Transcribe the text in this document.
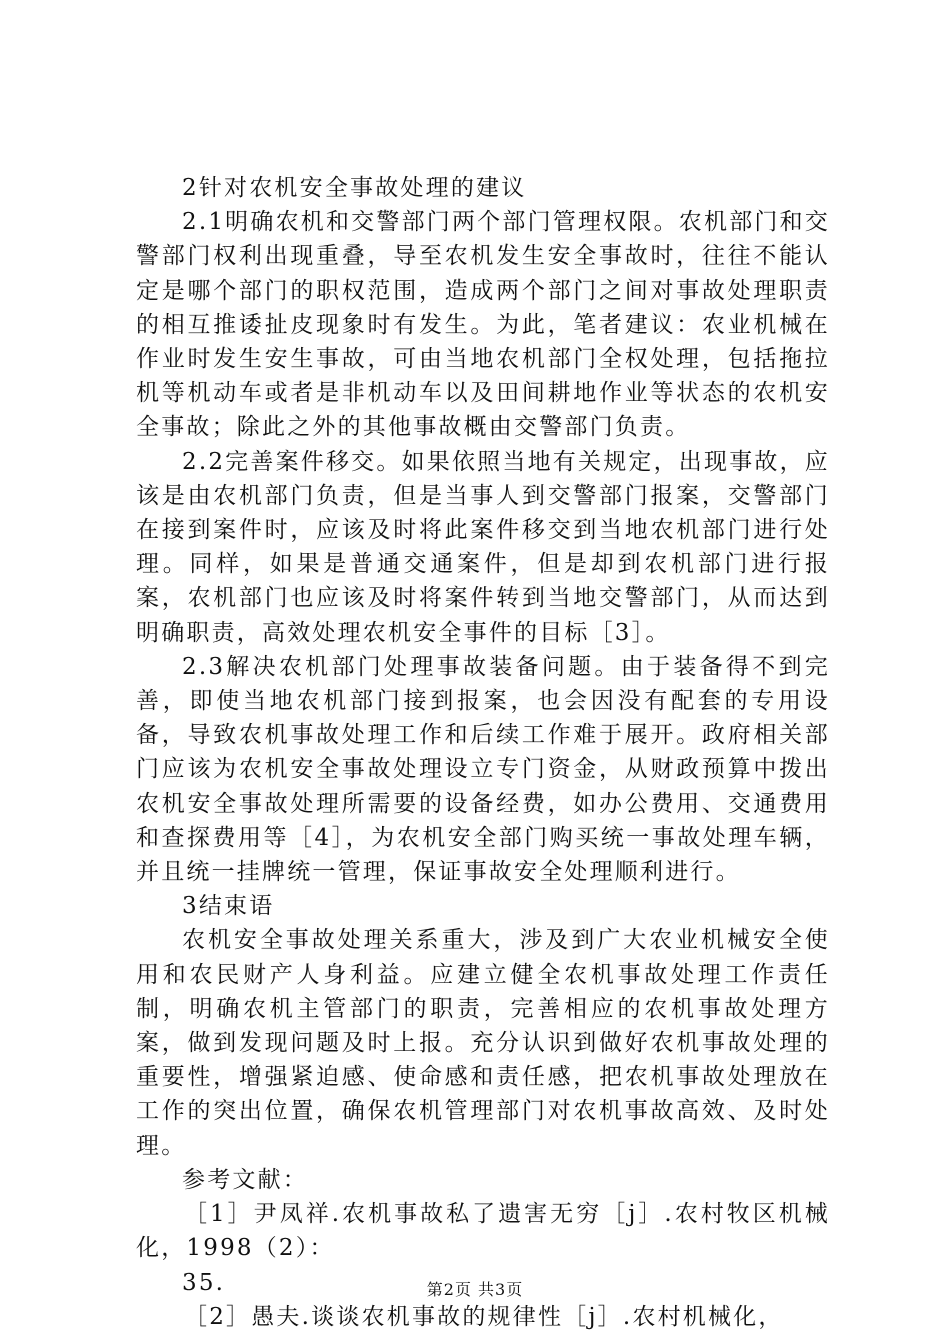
2针对农机安全事故处理的建议

2.1明确农机和交警部门两个部门管理权限。农机部门和交警部门权利出现重叠，导至农机发生安全事故时，往往不能认定是哪个部门的职权范围，造成两个部门之间对事故处理职责的相互推诿扯皮现象时有发生。为此，笔者建议：农业机械在作业时发生安生事故，可由当地农机部门全权处理，包括拖拉机等机动车或者是非机动车以及田间耕地作业等状态的农机安全事故；除此之外的其他事故概由交警部门负责。

2.2完善案件移交。如果依照当地有关规定，出现事故，应该是由农机部门负责，但是当事人到交警部门报案，交警部门在接到案件时，应该及时将此案件移交到当地农机部门进行处理。同样，如果是普通交通案件，但是却到农机部门进行报案，农机部门也应该及时将案件转到当地交警部门，从而达到明确职责，高效处理农机安全事件的目标［3］。

2.3解决农机部门处理事故装备问题。由于装备得不到完善，即使当地农机部门接到报案，也会因没有配套的专用设备，导致农机事故处理工作和后续工作难于展开。政府相关部门应该为农机安全事故处理设立专门资金，从财政预算中拨出农机安全事故处理所需要的设备经费，如办公费用、交通费用和查探费用等［4］，为农机安全部门购买统一事故处理车辆，并且统一挂牌统一管理，保证事故安全处理顺利进行。

3结束语

农机安全事故处理关系重大，涉及到广大农业机械安全使用和农民财产人身利益。应建立健全农机事故处理工作责任制，明确农机主管部门的职责，完善相应的农机事故处理方案，做到发现问题及时上报。充分认识到做好农机事故处理的重要性，增强紧迫感、使命感和责任感，把农机事故处理放在工作的突出位置，确保农机管理部门对农机事故高效、及时处理。

参考文献：

［1］尹凤祥.农机事故私了遗害无穷［j］.农村牧区机械化，1998（2）：

35.

［2］愚夫.谈谈农机事故的规律性［j］.农村机械化，

第2页 共3页
